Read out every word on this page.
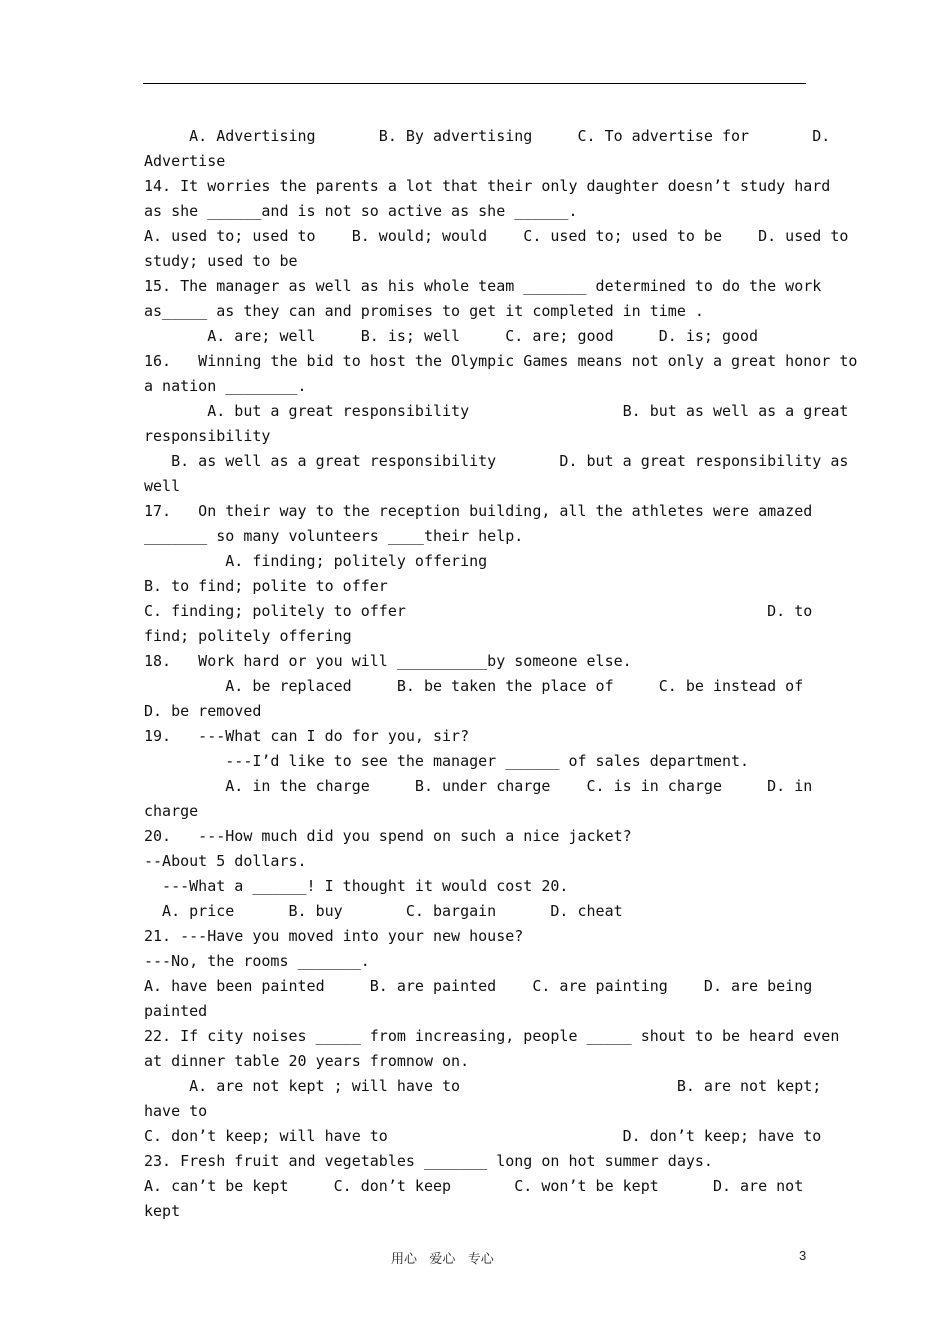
A. Advertising       B. By advertising     C. To advertise for       D.
Advertise
14. It worries the parents a lot that their only daughter doesn’t study hard
as she ______and is not so active as she ______.
A. used to; used to    B. would; would    C. used to; used to be    D. used to
study; used to be
15. The manager as well as his whole team _______ determined to do the work
as_____ as they can and promises to get it completed in time .
A. are; well     B. is; well     C. are; good     D. is; good
16.   Winning the bid to host the Olympic Games means not only a great honor to
a nation ________.
A. but a great responsibility                 B. but as well as a great
responsibility
B. as well as a great responsibility       D. but a great responsibility as
well
17.   On their way to the reception building, all the athletes were amazed
_______ so many volunteers ____their help.
A. finding; politely offering
B. to find; polite to offer
C. finding; politely to offer                                        D. to
find; politely offering
18.   Work hard or you will __________by someone else.
A. be replaced     B. be taken the place of     C. be instead of
D. be removed
19.   ---What can I do for you, sir?
---I’d like to see the manager ______ of sales department.
A. in the charge     B. under charge    C. is in charge     D. in
charge
20.   ---How much did you spend on such a nice jacket?
--About 5 dollars.
---What a ______! I thought it would cost 20.
A. price      B. buy       C. bargain      D. cheat
21. ---Have you moved into your new house?
---No, the rooms _______.
A. have been painted     B. are painted    C. are painting    D. are being
painted
22. If city noises _____ from increasing, people _____ shout to be heard even
at dinner table 20 years fromnow on.
A. are not kept ; will have to                        B. are not kept;
have to
C. don’t keep; will have to                          D. don’t keep; have to
23. Fresh fruit and vegetables _______ long on hot summer days.
A. can’t be kept     C. don’t keep       C. won’t be kept      D. are not
kept
用心   爱心   专心	3
